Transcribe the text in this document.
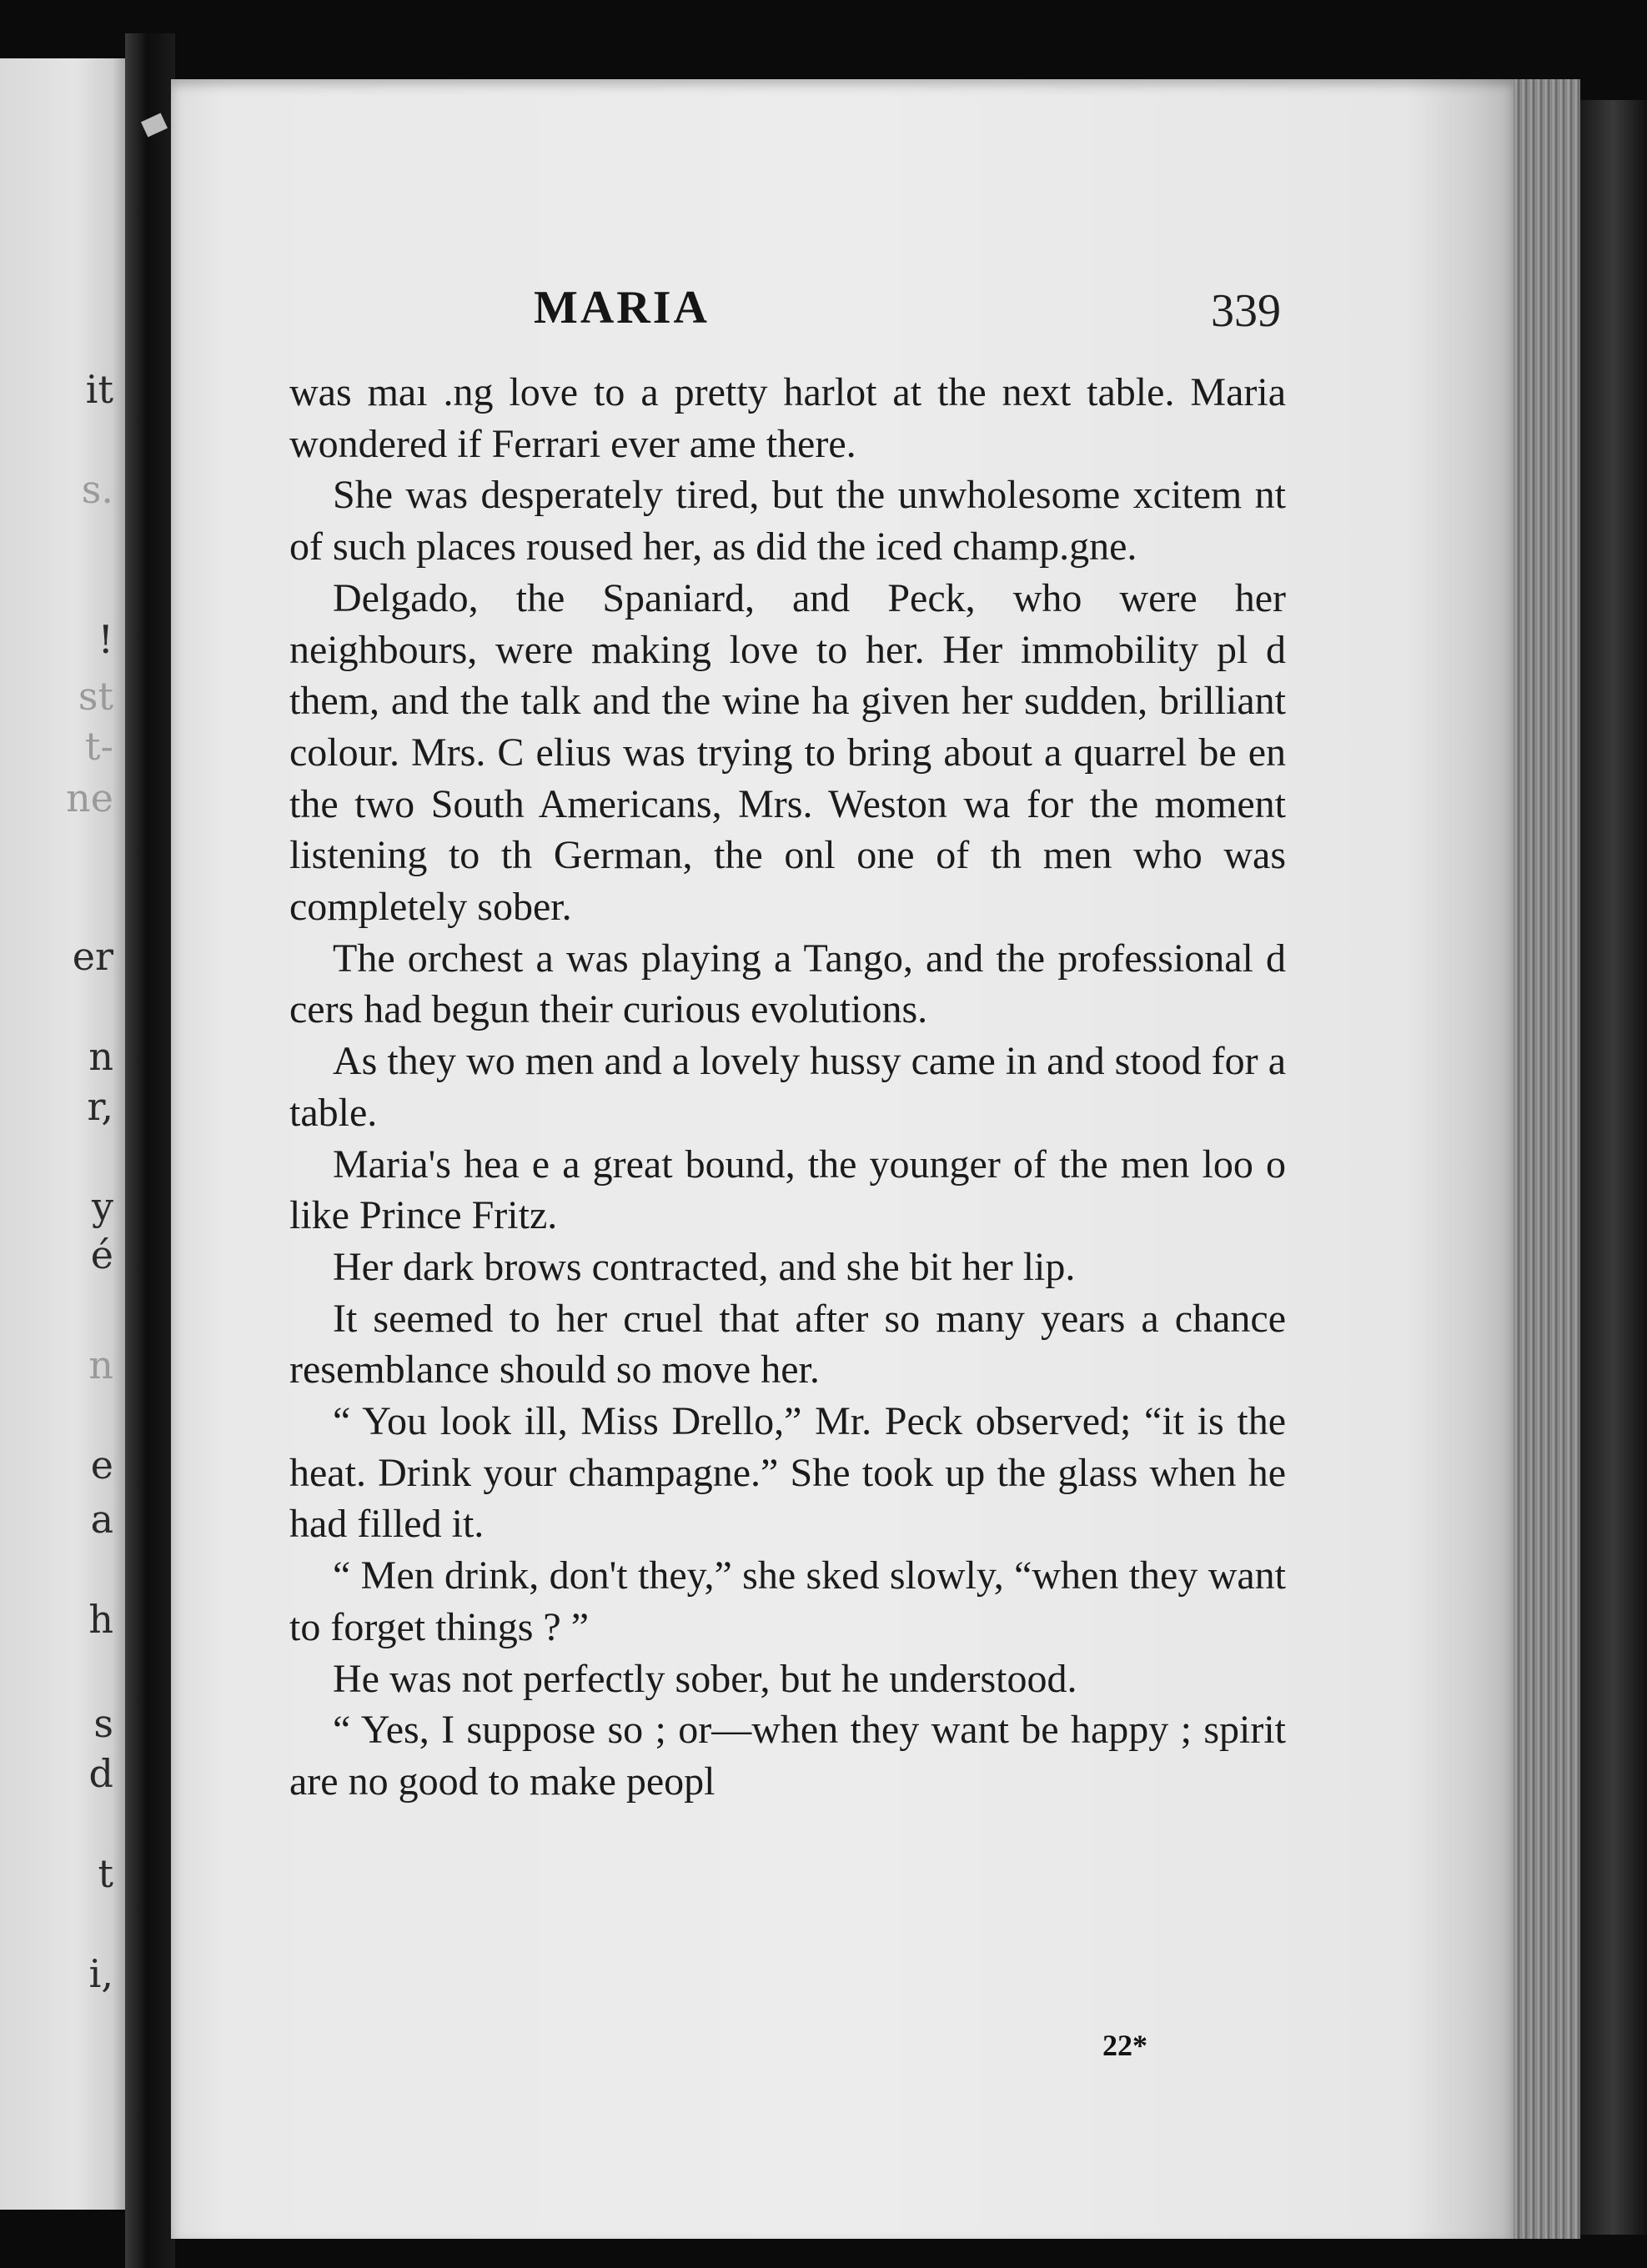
it
s.
!
st
t-
ne
er
n
r,
y
é
n
e
a
h
s
d
t
i,
MARIA	339

was maı .ng love to a pretty harlot at the next table. Maria wondered if Ferrari ever ame there.

She was desperately tired, but the unwholesome xcitem nt of such places roused her, as did the iced champ.gne.

Delgado, the Spaniard, and Peck, who were her neighbours, were making love to her. Her immobility pl d them, and the talk and the wine ha given her sudden, brilliant colour. Mrs. C elius was trying to bring about a quarrel be en the two South Americans, Mrs. Weston wa for the moment listening to th German, the onl one of th men who was completely sober.

The orchest a was playing a Tango, and the professional d cers had begun their curious evolutions.

As they wo men and a lovely hussy came in and stood for a table.

Maria's hea e a great bound, the younger of the men loo o like Prince Fritz.

Her dark brows contracted, and she bit her lip.

It seemed to her cruel that after so many years a chance resemblance should so move her.

“ You look ill, Miss Drello,” Mr. Peck observed; “it is the heat. Drink your champagne.” She took up the glass when he had filled it.

“ Men drink, don't they,” she sked slowly, “when they want to forget things ? ”

He was not perfectly sober, but he understood.

“ Yes, I suppose so ; or—when they want be happy ; spirit are no good to make peopl

22*
